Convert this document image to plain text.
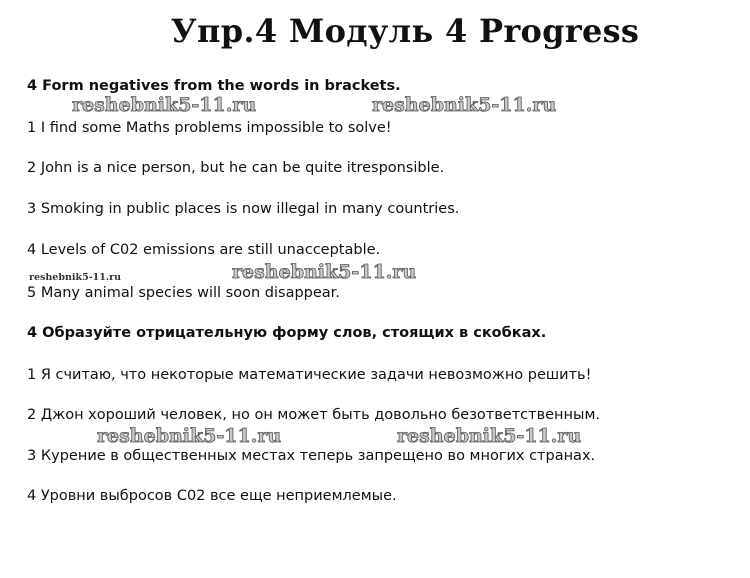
Упр.4 Модуль 4 Progress
4 Form negatives from the words in brackets.
reshebnik5-11.ru	reshebnik5-11.ru
1 I find some Maths problems impossible to solve!
2 John is a nice person, but he can be quite itresponsible.
3 Smoking in public places is now illegal in many countries.
4 Levels of C02 emissions are still unacceptable.
reshebnik5-11.ru	reshebnik5-11.ru
5 Many animal species will soon disappear.
4 Образуйте отрицательную форму слов, стоящих в скобках.
1 Я считаю, что некоторые математические задачи невозможно решить!
2 Джон хороший человек, но он может быть довольно безответственным.
reshebnik5-11.ru	reshebnik5-11.ru
3 Курение в общественных местах теперь запрещено во многих странах.
4 Уровни выбросов C02 все еще неприемлемые.
